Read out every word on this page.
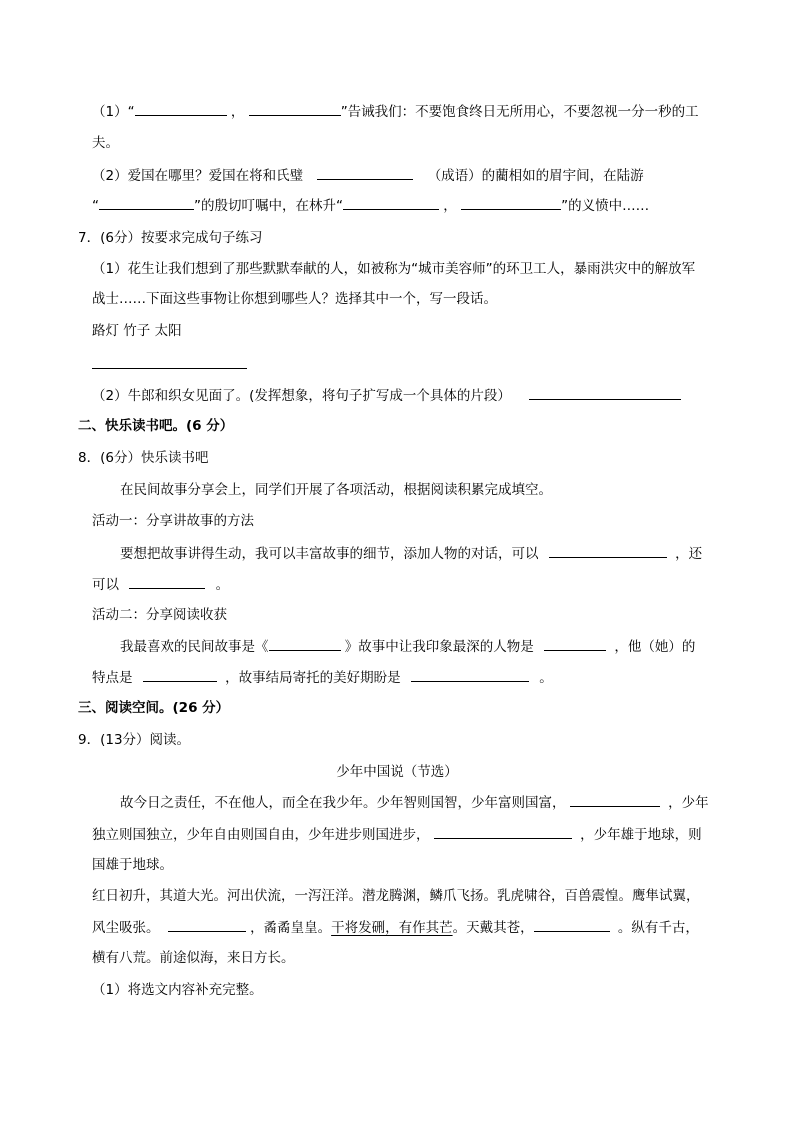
（1）“	，	”告诫我们：不要饱食终日无所用心，不要忽视一分一秒的工
夫。
（2）爱国在哪里？爱国在将和氏璧	（成语）的藺相如的眉宇间，在陆游
“	”的殷切叮嘱中，在林升“	，	”的义愤中……
7．(6分）按要求完成句子练习
（1）花生让我们想到了那些默默奉献的人，如被称为“城市美容师”的环卫工人，暴雨洪灾中的解放军
战士……下面这些事物让你想到哪些人？选择其中一个，写一段话。
路灯 竹子 太阳
（2）牛郎和织女见面了。(发挥想象，将句子扩写成一个具体的片段）
二、快乐读书吧。(6 分）
8．(6分）快乐读书吧
在民间故事分享会上，同学们开展了各项活动，根据阅读积累完成填空。
活动一：分享讲故事的方法
要想把故事讲得生动，我可以丰富故事的细节，添加人物的对话，可以	，还
可以	。
活动二：分享阅读收获
我最喜欢的民间故事是《	》故事中让我印象最深的人物是	，他（她）的
特点是	，故事结局寄托的美好期盼是	。
三、阅读空间。(26 分）
9．(13分）阅读。
少年中国说（节选）
故今日之责任，不在他人，而全在我少年。少年智则国智，少年富则国富，	，少年
独立则国独立，少年自由则国自由，少年进步则国进步，	，少年雄于地球，则
国雄于地球。
红日初升，其道大光。河出伏流，一泻汪洋。潜龙腾渊，鳞爪飞扬。乳虎啸谷，百兽震惶。鹰隼试翼，
风尘吸张。	，矞矞皇皇。干将发硎，有作其芒。天戴其苍，	。纵有千古，
横有八荒。前途似海，来日方长。
（1）将选文内容补充完整。
